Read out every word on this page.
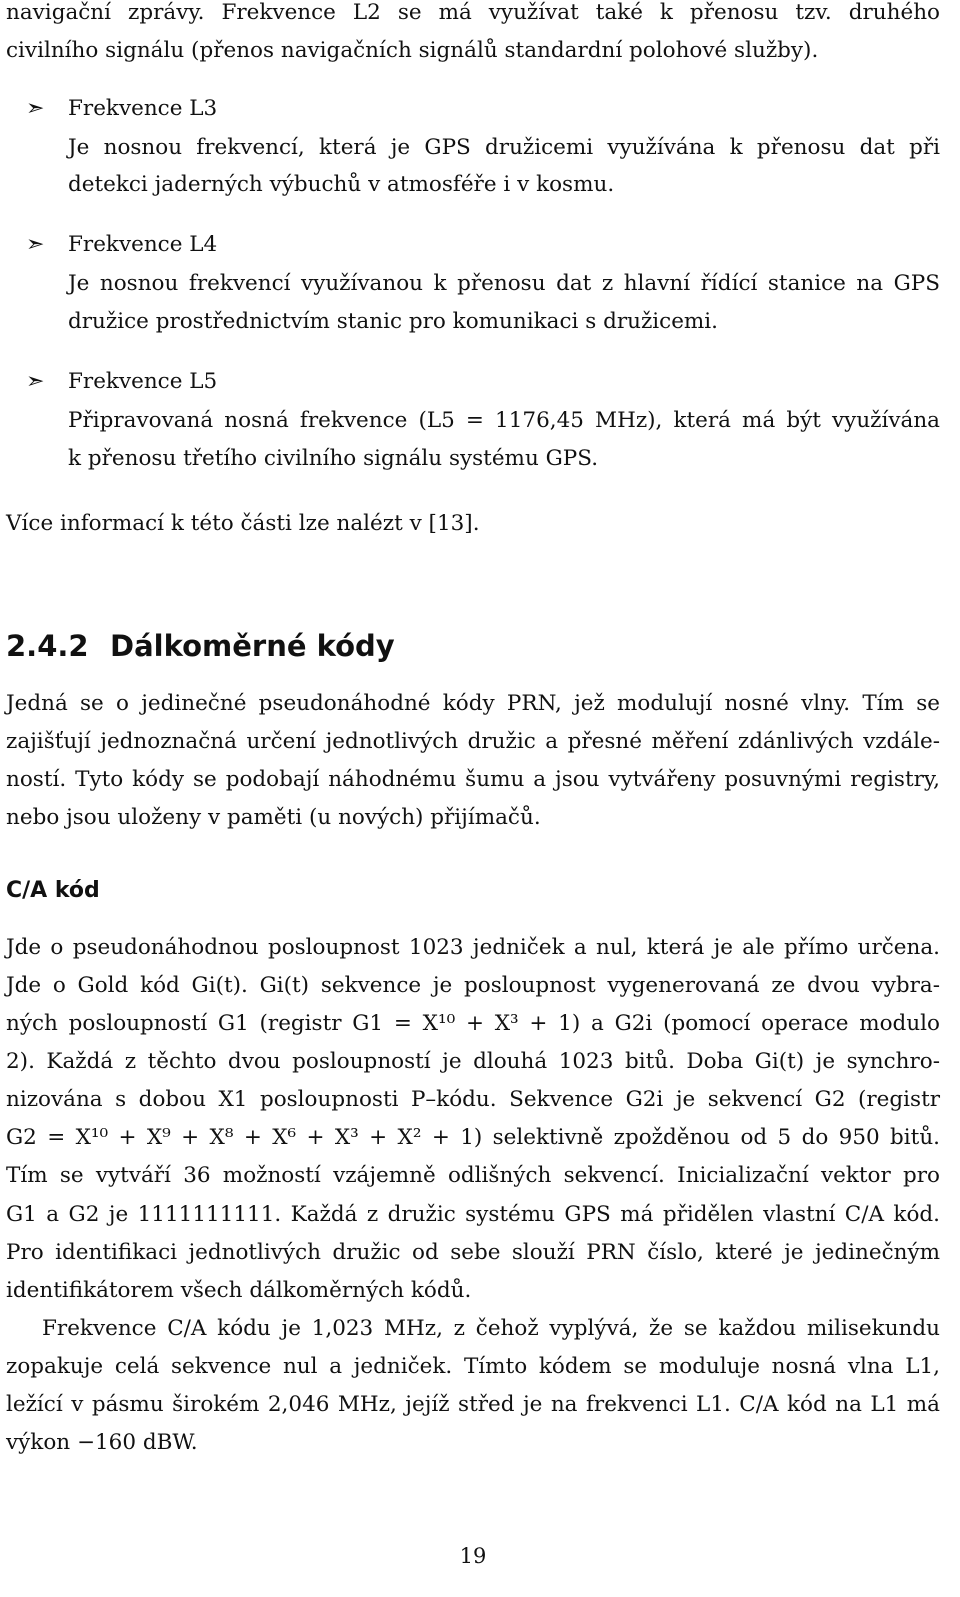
navigační zprávy. Frekvence L2 se má využívat také k přenosu tzv. druhého
civilního signálu (přenos navigačních signálů standardní polohové služby).
➣ Frekvence L3
Je nosnou frekvencí, která je GPS družicemi využívána k přenosu dat při
detekci jaderných výbuchů v atmosféře i v kosmu.
➣ Frekvence L4
Je nosnou frekvencí využívanou k přenosu dat z hlavní řídící stanice na GPS
družice prostřednictvím stanic pro komunikaci s družicemi.
➣ Frekvence L5
Připravovaná nosná frekvence (L5 = 1176,45 MHz), která má být využívána
k přenosu třetího civilního signálu systému GPS.
Více informací k této části lze nalézt v [13].
2.4.2 Dálkoměrné kódy
Jedná se o jedinečné pseudonáhodné kódy PRN, jež modulují nosné vlny. Tím se
zajišťují jednoznačná určení jednotlivých družic a přesné měření zdánlivých vzdále-
ností. Tyto kódy se podobají náhodnému šumu a jsou vytvářeny posuvnými registry,
nebo jsou uloženy v paměti (u nových) přijímačů.
C/A kód
Jde o pseudonáhodnou posloupnost 1023 jedniček a nul, která je ale přímo určena.
Jde o Gold kód Gi(t). Gi(t) sekvence je posloupnost vygenerovaná ze dvou vybra-
ných posloupností G1 (registr G1 = X¹⁰ + X³ + 1) a G2i (pomocí operace modulo
2). Každá z těchto dvou posloupností je dlouhá 1023 bitů. Doba Gi(t) je synchro-
nizována s dobou X1 posloupnosti P–kódu. Sekvence G2i je sekvencí G2 (registr
G2 = X¹⁰ + X⁹ + X⁸ + X⁶ + X³ + X² + 1) selektivně zpožděnou od 5 do 950 bitů.
Tím se vytváří 36 možností vzájemně odlišných sekvencí. Inicializační vektor pro
G1 a G2 je 1111111111. Každá z družic systému GPS má přidělen vlastní C/A kód.
Pro identifikaci jednotlivých družic od sebe slouží PRN číslo, které je jedinečným
identifikátorem všech dálkoměrných kódů.
Frekvence C/A kódu je 1,023 MHz, z čehož vyplývá, že se každou milisekundu
zopakuje celá sekvence nul a jedniček. Tímto kódem se moduluje nosná vlna L1,
ležící v pásmu širokém 2,046 MHz, jejíž střed je na frekvenci L1. C/A kód na L1 má
výkon −160 dBW.
19
